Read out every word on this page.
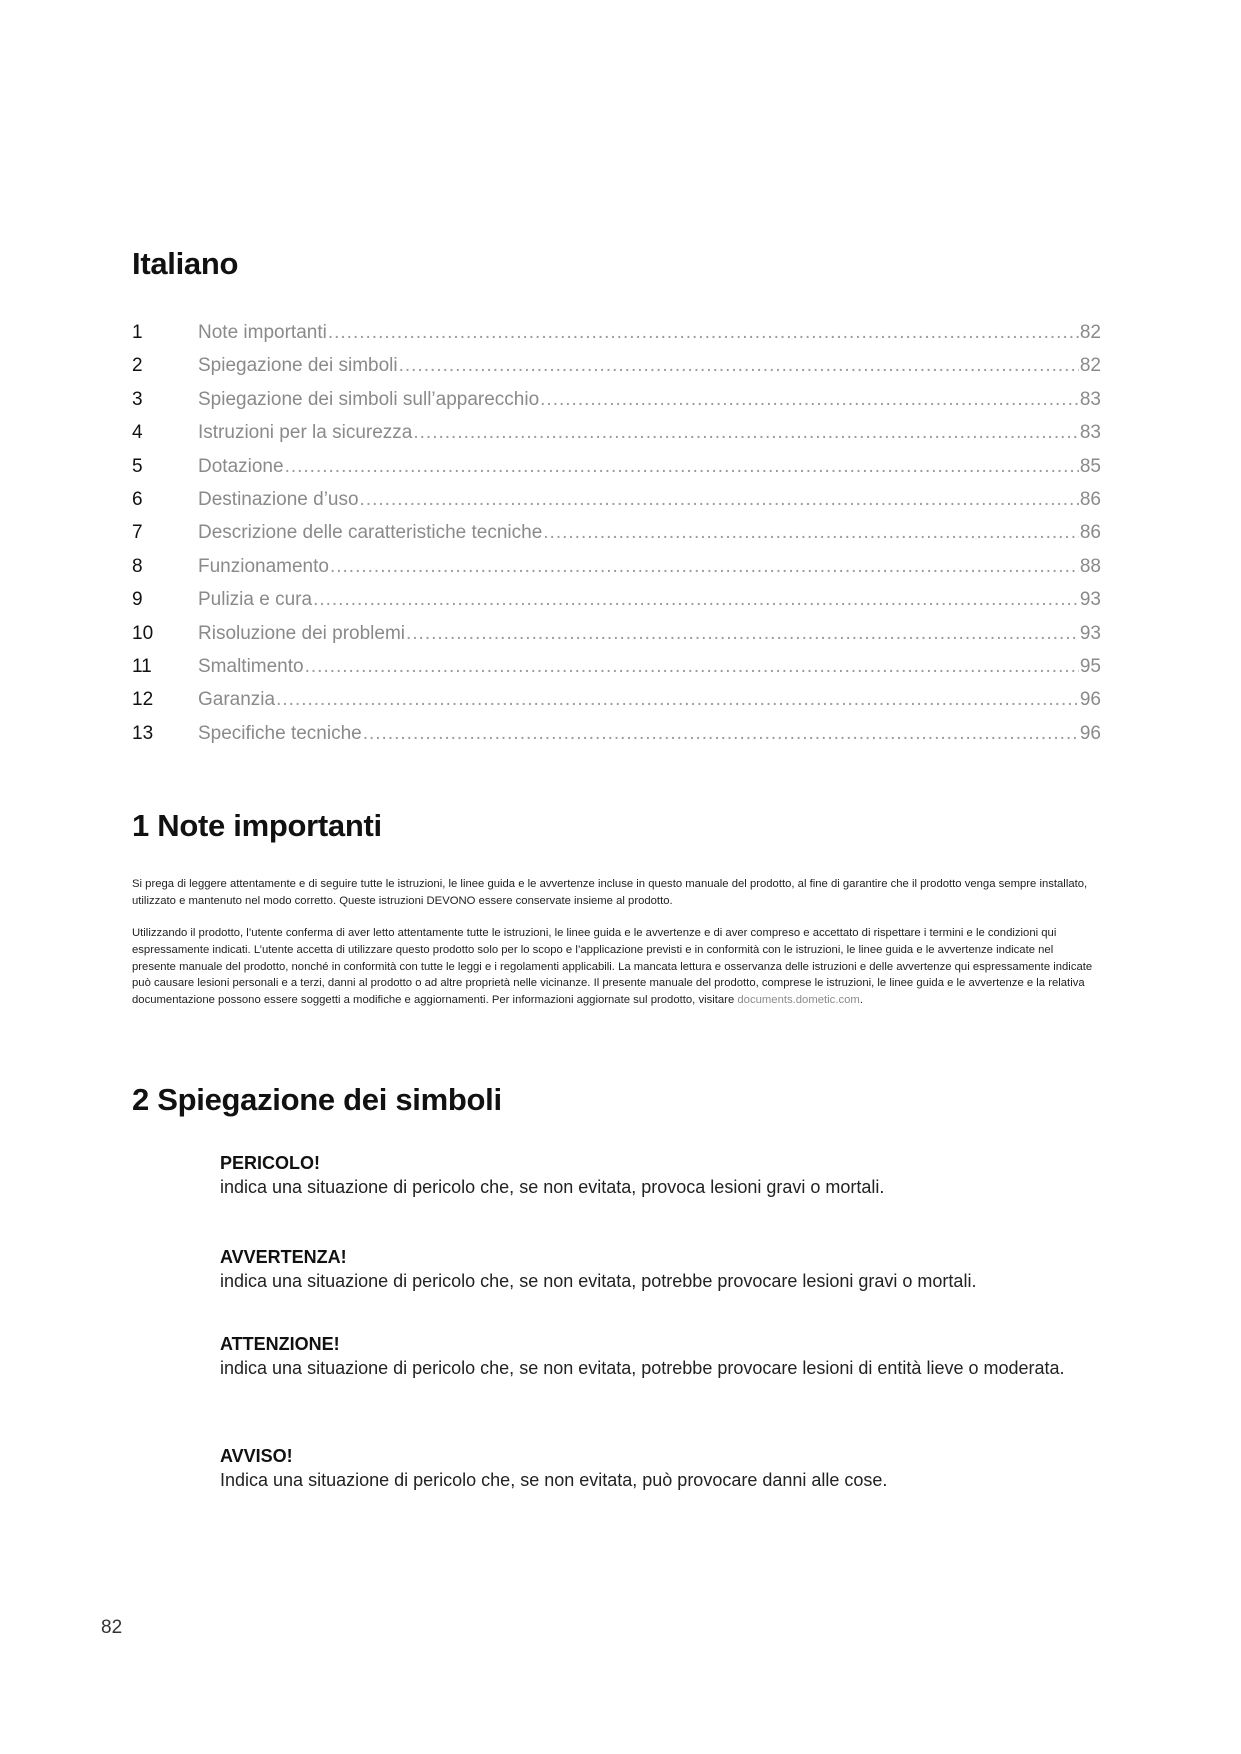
Italiano
1	Note importanti .....	82
2	Spiegazione dei simboli .....	82
3	Spiegazione dei simboli sull’apparecchio .....	83
4	Istruzioni per la sicurezza .....	83
5	Dotazione .....	85
6	Destinazione d’uso .....	86
7	Descrizione delle caratteristiche tecniche .....	86
8	Funzionamento .....	88
9	Pulizia e cura .....	93
10	Risoluzione dei problemi .....	93
11	Smaltimento .....	95
12	Garanzia .....	96
13	Specifiche tecniche .....	96
1 Note importanti

Si prega di leggere attentamente e di seguire tutte le istruzioni, le linee guida e le avvertenze incluse in questo manuale del prodotto, al fine di garantire che il prodotto venga sempre installato, utilizzato e mantenuto nel modo corretto. Queste istruzioni DEVONO essere conservate insieme al prodotto.

Utilizzando il prodotto, l’utente conferma di aver letto attentamente tutte le istruzioni, le linee guida e le avvertenze e di aver compreso e accettato di rispettare i termini e le condizioni qui espressamente indicati. L’utente accetta di utilizzare questo prodotto solo per lo scopo e l’applicazione previsti e in conformità con le istruzioni, le linee guida e le avvertenze indicate nel presente manuale del prodotto, nonché in conformità con tutte le leggi e i regolamenti applicabili. La mancata lettura e osservanza delle istruzioni e delle avvertenze qui espressamente indicate può causare lesioni personali e a terzi, danni al prodotto o ad altre proprietà nelle vicinanze. Il presente manuale del prodotto, comprese le istruzioni, le linee guida e le avvertenze e la relativa documentazione possono essere soggetti a modifiche e aggiornamenti. Per informazioni aggiornate sul prodotto, visitare documents.dometic.com.

2 Spiegazione dei simboli
PERICOLO!
indica una situazione di pericolo che, se non evitata, provoca lesioni gravi o mortali.
AVVERTENZA!
indica una situazione di pericolo che, se non evitata, potrebbe provocare lesioni gravi o mortali.
ATTENZIONE!
indica una situazione di pericolo che, se non evitata, potrebbe provocare lesioni di entità lieve o moderata.
AVVISO!
Indica una situazione di pericolo che, se non evitata, può provocare danni alle cose.
82
